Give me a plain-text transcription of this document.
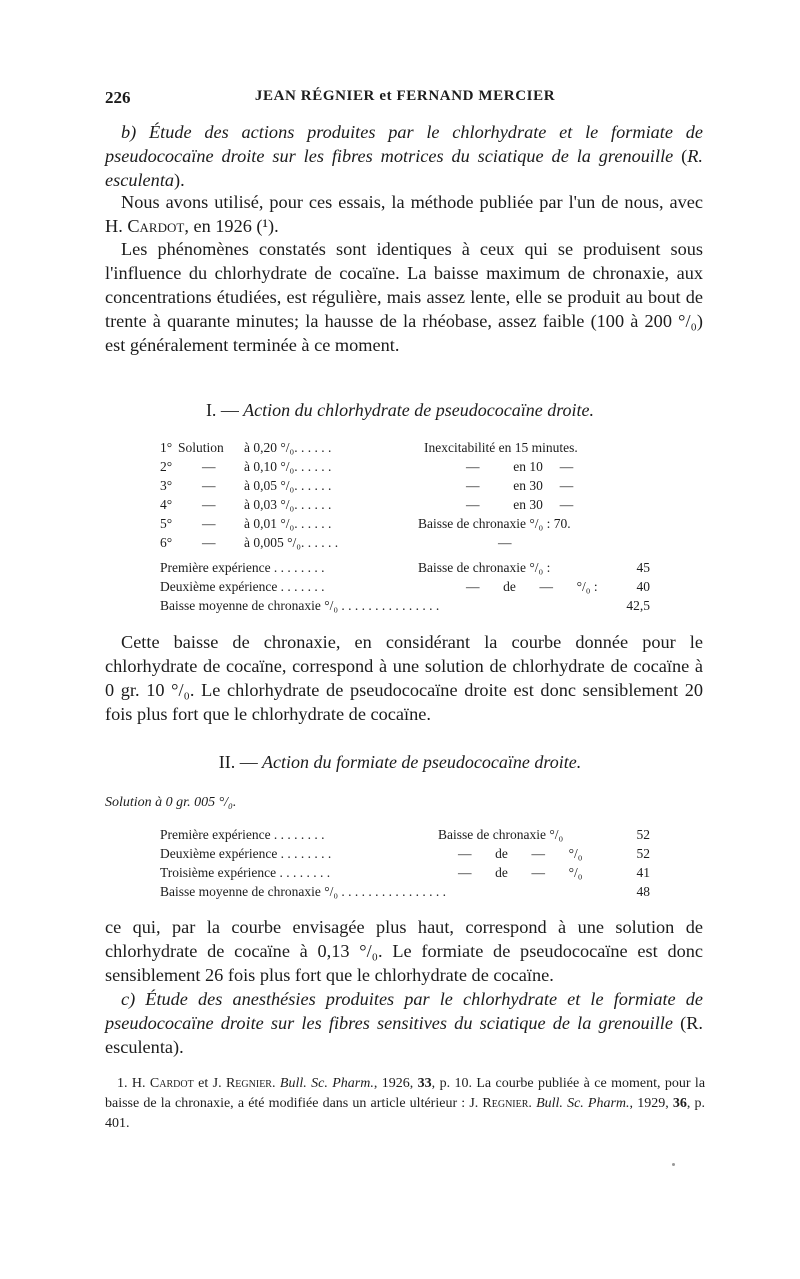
226	JEAN RÉGNIER et FERNAND MERCIER
b) Étude des actions produites par le chlorhydrate et le formiate de pseudococaïne droite sur les fibres motrices du sciatique de la grenouille (R. esculenta).
Nous avons utilisé, pour ces essais, la méthode publiée par l'un de nous, avec H. Cardot, en 1926 (¹).
Les phénomènes constatés sont identiques à ceux qui se produisent sous l'influence du chlorhydrate de cocaïne. La baisse maximum de chronaxie, aux concentrations étudiées, est régulière, mais assez lente, elle se produit au bout de trente à quarante minutes; la hausse de la rhéobase, assez faible (100 à 200 °/₀) est généralement terminée à ce moment.
I. — Action du chlorhydrate de pseudococaïne droite.
1° Solution à 0,20 °/₀. . . . . .	Inexcitabilité en 15 minutes.
2° — à 0,10 °/₀. . . . . .	—          en 10     —
3° — à 0,05 °/₀. . . . . .	—          en 30     —
4° — à 0,03 °/₀. . . . . .	—          en 30     —
5° — à 0,01 °/₀. . . . . .	Baisse de chronaxie °/₀ : 70.
6° — à 0,005 °/₀. . . . . .	—
Première expérience . . . . . . . .	Baisse de chronaxie °/₀ :	45
Deuxième expérience . . . . . . .	—       de       —       °/₀ :	40
Baisse moyenne de chronaxie °/₀ . . . . . . . . . . . . . . .	42,5
Cette baisse de chronaxie, en considérant la courbe donnée pour le chlorhydrate de cocaïne, correspond à une solution de chlorhydrate de cocaïne à 0 gr. 10 °/₀. Le chlorhydrate de pseudococaïne droite est donc sensiblement 20 fois plus fort que le chlorhydrate de cocaïne.
II. — Action du formiate de pseudococaïne droite.
Solution à 0 gr. 005 °/₀.
Première expérience . . . . . . . .	Baisse de chronaxie °/₀	52
Deuxième expérience . . . . . . . .	—       de       —       °/₀	52
Troisième expérience . . . . . . . .	—       de       —       °/₀	41
Baisse moyenne de chronaxie °/₀ . . . . . . . . . . . . . . . .	48
ce qui, par la courbe envisagée plus haut, correspond à une solution de chlorhydrate de cocaïne à 0,13 °/₀. Le formiate de pseudococaïne est donc sensiblement 26 fois plus fort que le chlorhydrate de cocaïne.
c) Étude des anesthésies produites par le chlorhydrate et le formiate de pseudococaïne droite sur les fibres sensitives du sciatique de la grenouille (R. esculenta).
1. H. Cardot et J. Regnier. Bull. Sc. Pharm., 1926, 33, p. 10. La courbe publiée à ce moment, pour la baisse de la chronaxie, a été modifiée dans un article ultérieur : J. Regnier. Bull. Sc. Pharm., 1929, 36, p. 401.
